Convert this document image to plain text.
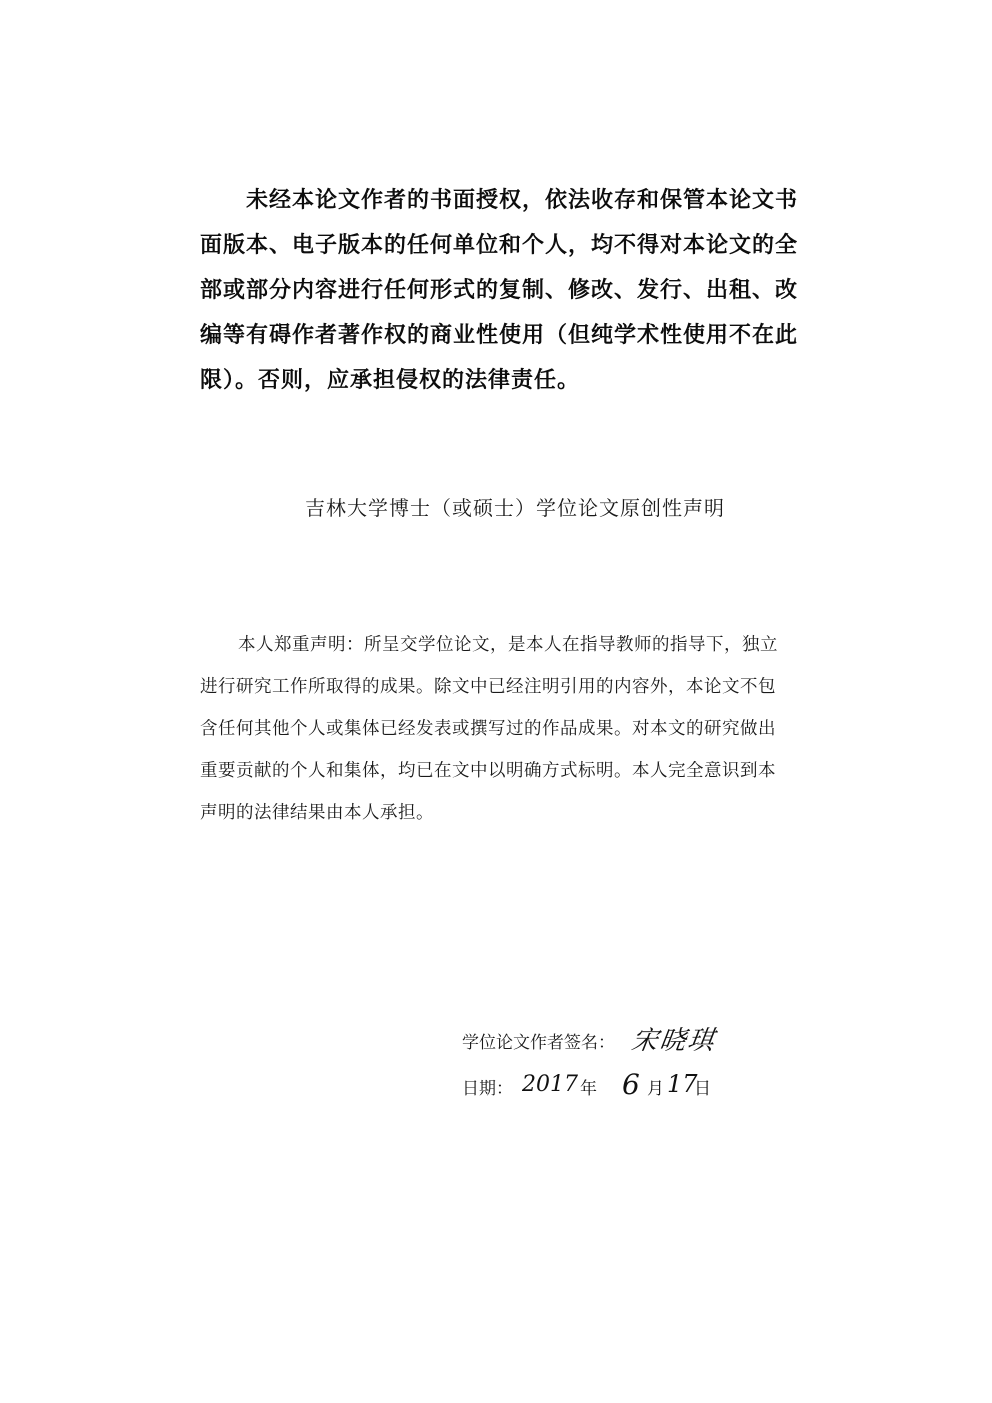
未经本论文作者的书面授权，依法收存和保管本论文书面版本、电子版本的任何单位和个人，均不得对本论文的全部或部分内容进行任何形式的复制、修改、发行、出租、改编等有碍作者著作权的商业性使用（但纯学术性使用不在此限）。否则，应承担侵权的法律责任。

吉林大学博士（或硕士）学位论文原创性声明

本人郑重声明：所呈交学位论文，是本人在指导教师的指导下，独立进行研究工作所取得的成果。除文中已经注明引用的内容外，本论文不包含任何其他个人或集体已经发表或撰写过的作品成果。对本文的研究做出重要贡献的个人和集体，均已在文中以明确方式标明。本人完全意识到本声明的法律结果由本人承担。

学位论文作者签名： 宋晓琪
日期： 2017 年 6 月 17
日
